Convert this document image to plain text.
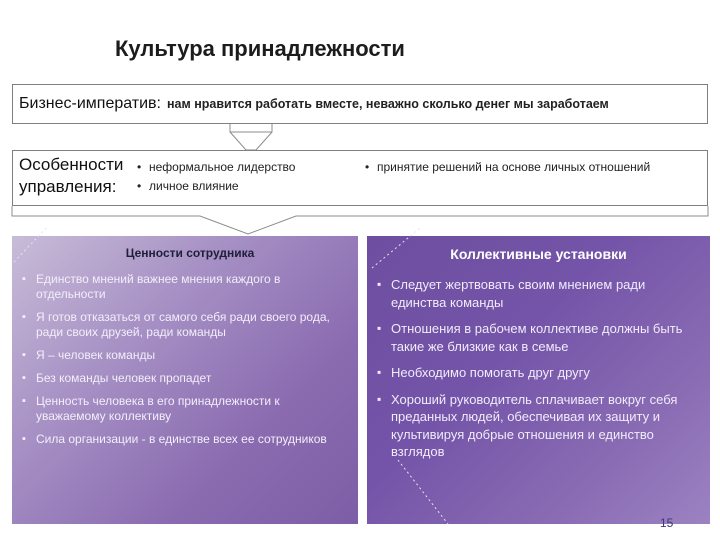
Культура принадлежности
Бизнес-императив: нам нравится работать вместе, неважно сколько денег мы заработаем
Особенности
управления:
• неформальное лидерство
• личное влияние
• принятие решений на основе личных отношений
Ценности сотрудника
▪ Единство мнений важнее мнения каждого в отдельности
▪ Я готов отказаться от самого себя ради своего рода, ради своих друзей, ради команды
▪ Я – человек команды
▪ Без команды человек пропадет
▪ Ценность человека в его принадлежности к уважаемому коллективу
▪ Сила организации - в единстве всех ее сотрудников
Коллективные установки
▪ Следует жертвовать своим мнением ради единства команды
▪ Отношения в рабочем коллективе должны быть такие же близкие как в семье
▪ Необходимо помогать друг другу
▪ Хороший руководитель сплачивает вокруг себя преданных людей, обеспечивая их защиту и культивируя добрые отношения и единство взглядов
15
